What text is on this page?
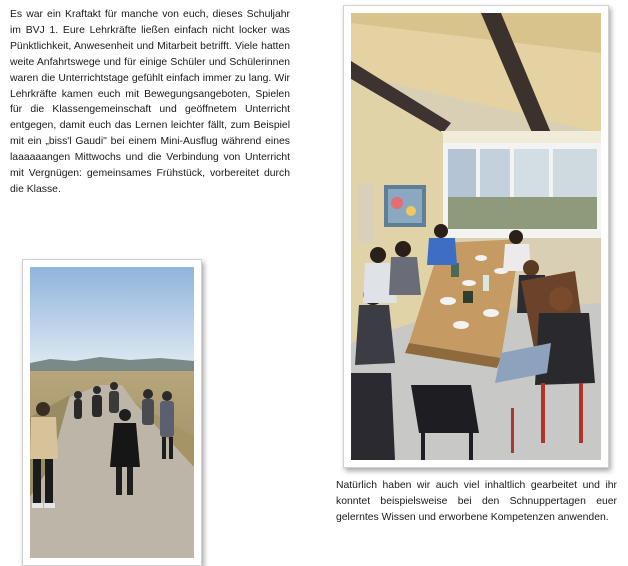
Es war ein Kraftakt für manche von euch, dieses Schuljahr im BVJ 1. Eure Lehrkräfte ließen einfach nicht locker was Pünktlichkeit, Anwesenheit und Mitarbeit betrifft. Viele hatten weite Anfahrtswege und für einige Schüler und Schülerinnen waren die Unterrichtstage gefühlt einfach immer zu lang. Wir Lehrkräfte kamen euch mit Bewegungsangeboten, Spielen für die Klassengemeinschaft und geöffnetem Unterricht entgegen, damit euch das Lernen leichter fällt, zum Beispiel mit ein „biss'l Gaudi" bei einem Mini-Ausflug während eines laaaaaangen Mittwochs und die Verbindung von Unterricht mit Vergnügen: gemeinsames Frühstück, vorbereitet durch die Klasse.

Natürlich haben wir auch viel inhaltlich gearbeitet und ihr konntet beispielsweise bei den Schnuppertagen euer gelerntes Wissen und erworbene Kompetenzen anwenden.
